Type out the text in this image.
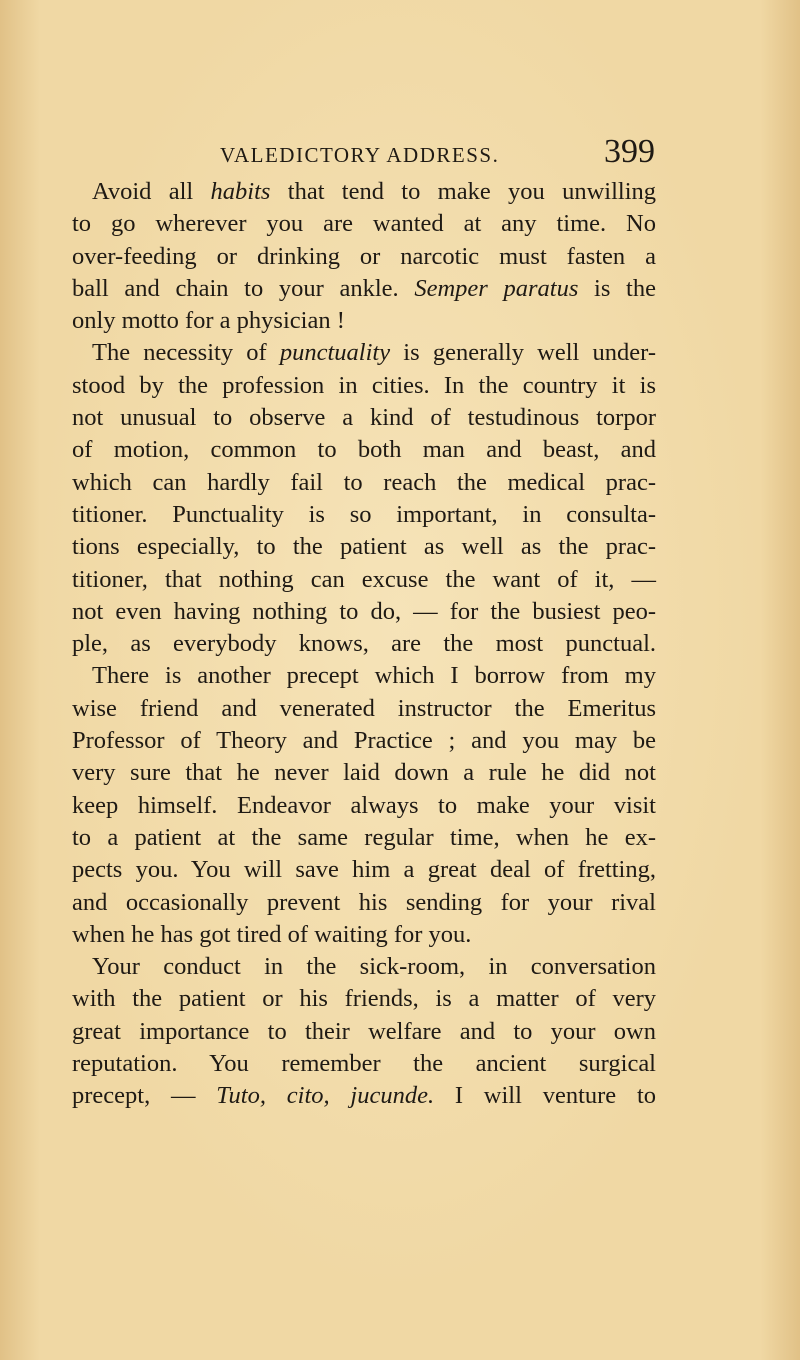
VALEDICTORY ADDRESS.	399
Avoid all habits that tend to make you unwilling
to go wherever you are wanted at any time. No
over-feeding or drinking or narcotic must fasten a
ball and chain to your ankle. Semper paratus is the
only motto for a physician !
The necessity of punctuality is generally well under-
stood by the profession in cities. In the country it is
not unusual to observe a kind of testudinous torpor
of motion, common to both man and beast, and
which can hardly fail to reach the medical prac-
titioner. Punctuality is so important, in consulta-
tions especially, to the patient as well as the prac-
titioner, that nothing can excuse the want of it, —
not even having nothing to do, — for the busiest peo-
ple, as everybody knows, are the most punctual.
There is another precept which I borrow from my
wise friend and venerated instructor the Emeritus
Professor of Theory and Practice ; and you may be
very sure that he never laid down a rule he did not
keep himself. Endeavor always to make your visit
to a patient at the same regular time, when he ex-
pects you. You will save him a great deal of fretting,
and occasionally prevent his sending for your rival
when he has got tired of waiting for you.
Your conduct in the sick-room, in conversation
with the patient or his friends, is a matter of very
great importance to their welfare and to your own
reputation. You remember the ancient surgical
precept, — Tuto, cito, jucunde. I will venture to
